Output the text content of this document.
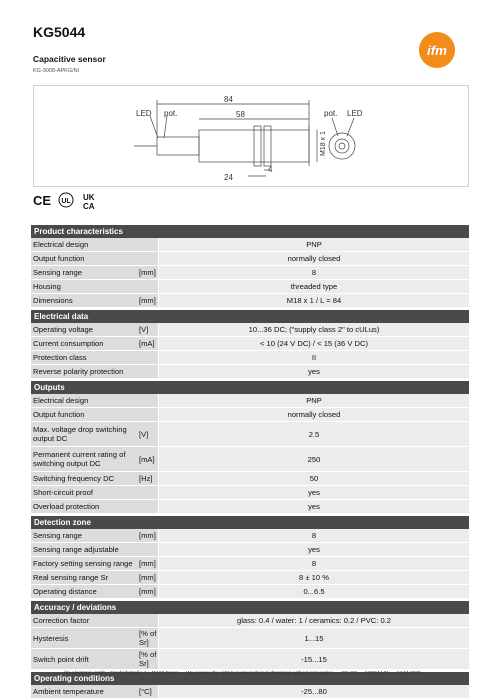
KG5044
Capacitive sensor
KG-3008-APKG/NI
ifm
LED pot.
84
58
M18 x 1
24
4
pot. LED
CE UL UK
CA
Product characteristics
Electrical design	PNP
Output function	normally closed
Sensing range	[mm]	8
Housing	threaded type
Dimensions	[mm]	M18 x 1 / L = 84
Electrical data
Operating voltage	[V]	10...36 DC; ("supply class 2" to cULus)
Current consumption	[mA]	< 10 (24 V DC) / < 15 (36 V DC)
Protection class	II
Reverse polarity protection	yes
Outputs
Electrical design	PNP
Output function	normally closed
Max. voltage drop switching output DC	[V]	2.5
Permanent current rating of switching output DC	[mA]	250
Switching frequency DC	[Hz]	50
Short-circuit proof	yes
Overload protection	yes
Detection zone
Sensing range	[mm]	8
Sensing range adjustable	yes
Factory setting sensing range [mm]	8
Real sensing range Sr	[mm]	8 ± 10 %
Operating distance	[mm]	0...6.5
Accuracy / deviations
Correction factor	glass: 0.4 / water: 1 / ceramics: 0.2 / PVC: 0.2
Hysteresis	[% of Sr]	1...15
Switch point drift	[% of Sr]	-15...15
Operating conditions
Ambient temperature	[°C]	-25...80
ifm electronic gmbh • Friedrichstraße 1 • 45128 Essen — We reserve the right to make technical alterations without prior notice. — EN-GB — KG5044-01 — 13.04.2023 —
